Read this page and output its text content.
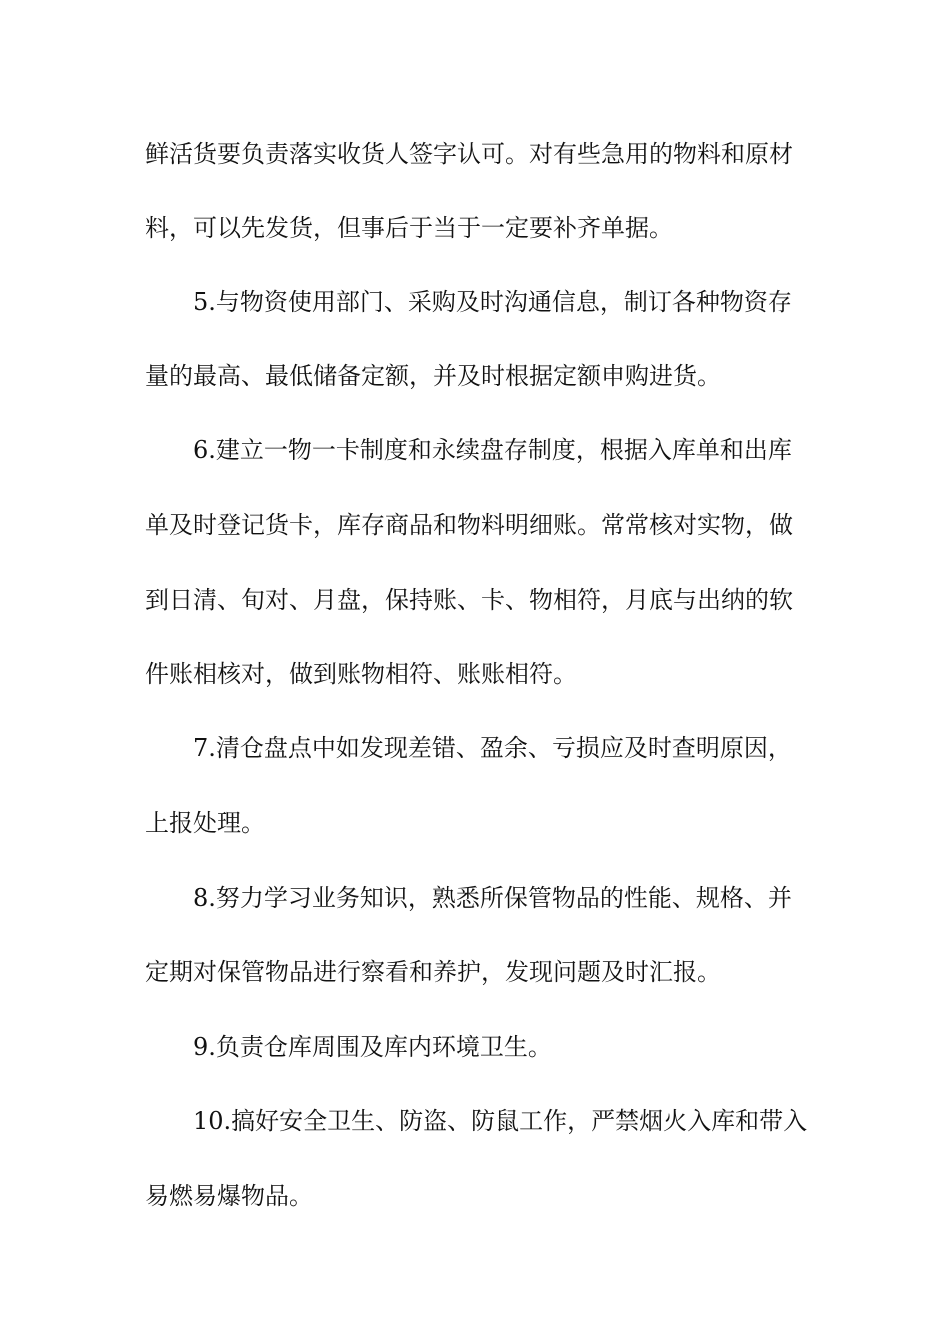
鲜活货要负责落实收货人签字认可。对有些急用的物料和原材
料，可以先发货，但事后于当于一定要补齐单据。
5.与物资使用部门、采购及时沟通信息，制订各种物资存
量的最高、最低储备定额，并及时根据定额申购进货。
6.建立一物一卡制度和永续盘存制度，根据入库单和出库
单及时登记货卡，库存商品和物料明细账。常常核对实物，做
到日清、旬对、月盘，保持账、卡、物相符，月底与出纳的软
件账相核对，做到账物相符、账账相符。
7.清仓盘点中如发现差错、盈余、亏损应及时查明原因，
上报处理。
8.努力学习业务知识，熟悉所保管物品的性能、规格、并
定期对保管物品进行察看和养护，发现问题及时汇报。
9.负责仓库周围及库内环境卫生。
10.搞好安全卫生、防盗、防鼠工作，严禁烟火入库和带入
易燃易爆物品。
